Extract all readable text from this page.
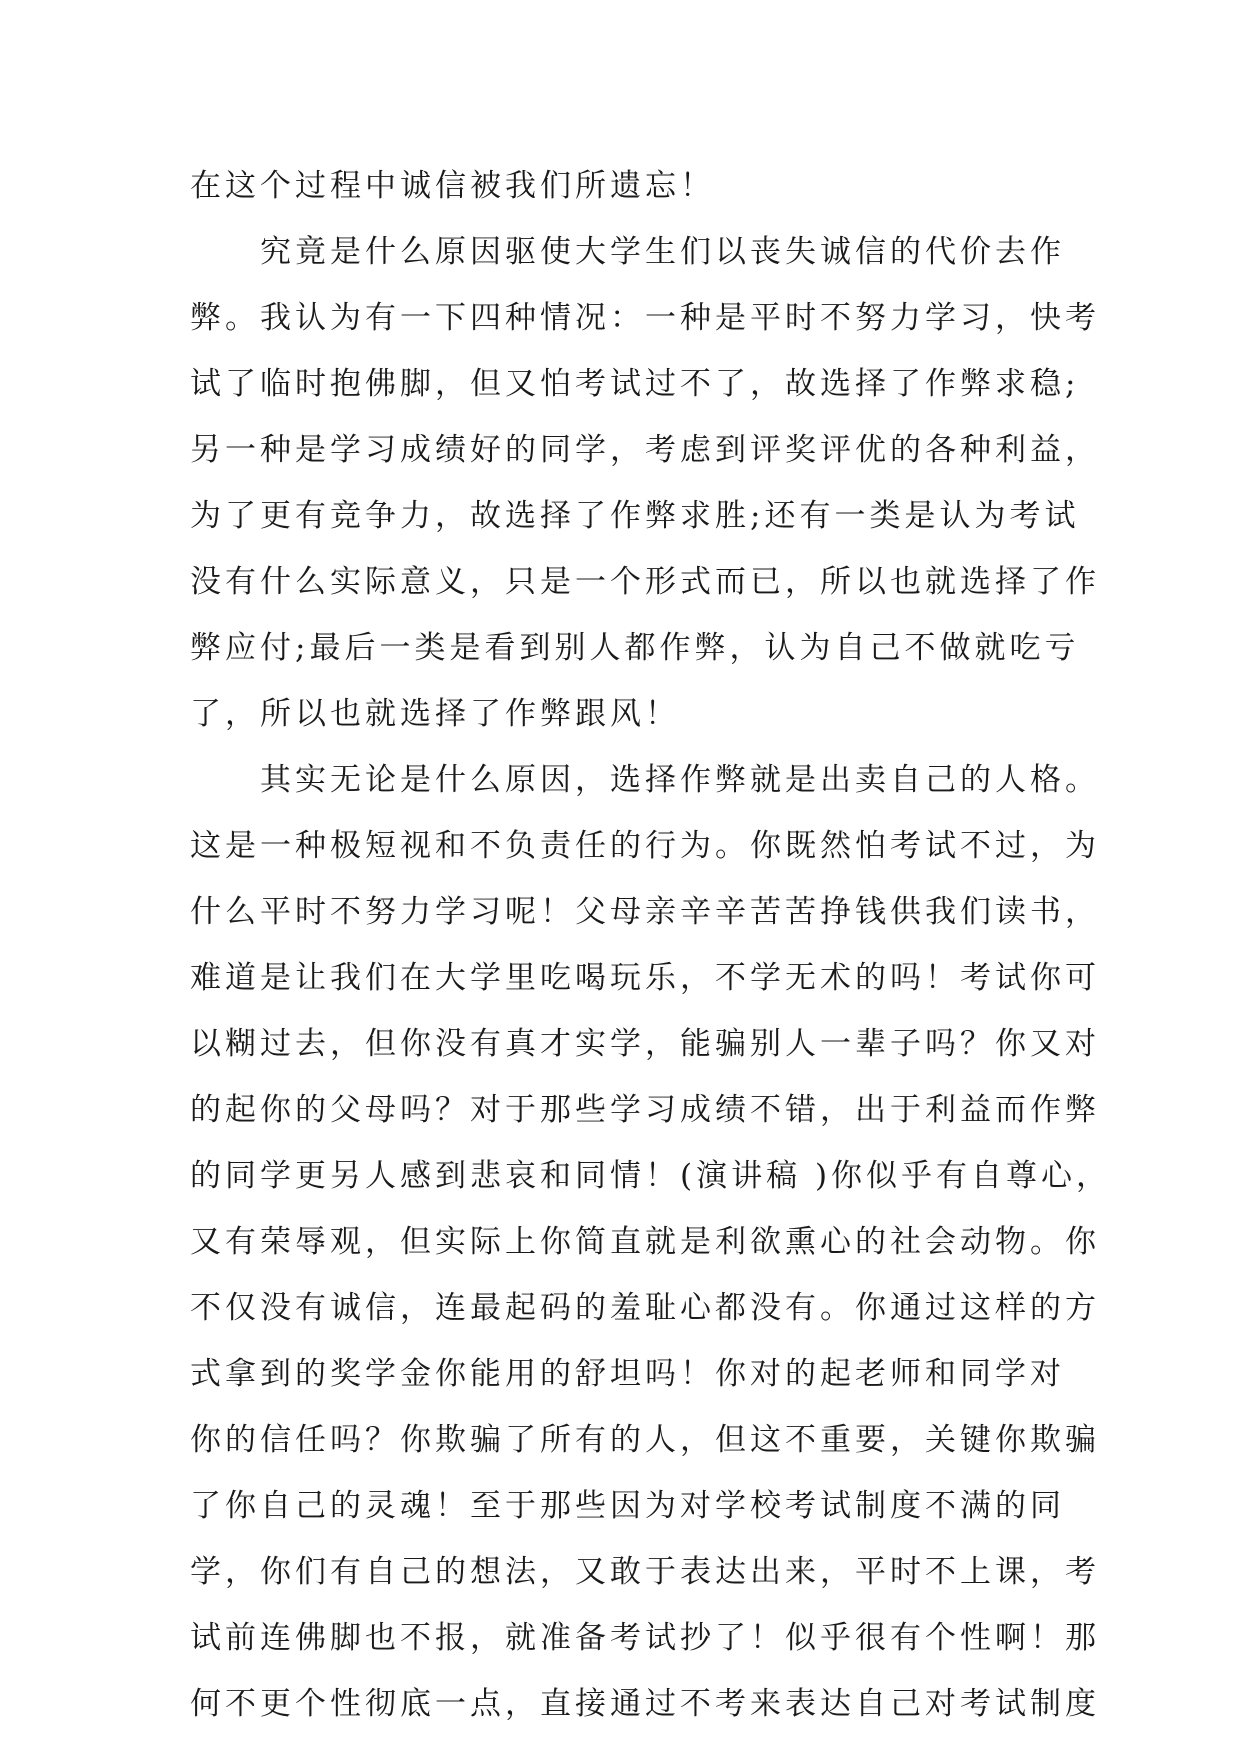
在这个过程中诚信被我们所遗忘！
　　究竟是什么原因驱使大学生们以丧失诚信的代价去作
弊。我认为有一下四种情况：一种是平时不努力学习，快考
试了临时抱佛脚，但又怕考试过不了，故选择了作弊求稳;
另一种是学习成绩好的同学，考虑到评奖评优的各种利益，
为了更有竞争力，故选择了作弊求胜;还有一类是认为考试
没有什么实际意义，只是一个形式而已，所以也就选择了作
弊应付;最后一类是看到别人都作弊，认为自己不做就吃亏
了，所以也就选择了作弊跟风！
　　其实无论是什么原因，选择作弊就是出卖自己的人格。
这是一种极短视和不负责任的行为。你既然怕考试不过，为
什么平时不努力学习呢！父母亲辛辛苦苦挣钱供我们读书，
难道是让我们在大学里吃喝玩乐，不学无术的吗！考试你可
以糊过去，但你没有真才实学，能骗别人一辈子吗？你又对
的起你的父母吗？对于那些学习成绩不错，出于利益而作弊
的同学更另人感到悲哀和同情！(演讲稿 )你似乎有自尊心，
又有荣辱观，但实际上你简直就是利欲熏心的社会动物。你
不仅没有诚信，连最起码的羞耻心都没有。你通过这样的方
式拿到的奖学金你能用的舒坦吗！你对的起老师和同学对
你的信任吗？你欺骗了所有的人，但这不重要，关键你欺骗
了你自己的灵魂！至于那些因为对学校考试制度不满的同
学，你们有自己的想法，又敢于表达出来，平时不上课，考
试前连佛脚也不报，就准备考试抄了！似乎很有个性啊！那
何不更个性彻底一点，直接通过不考来表达自己对考试制度
